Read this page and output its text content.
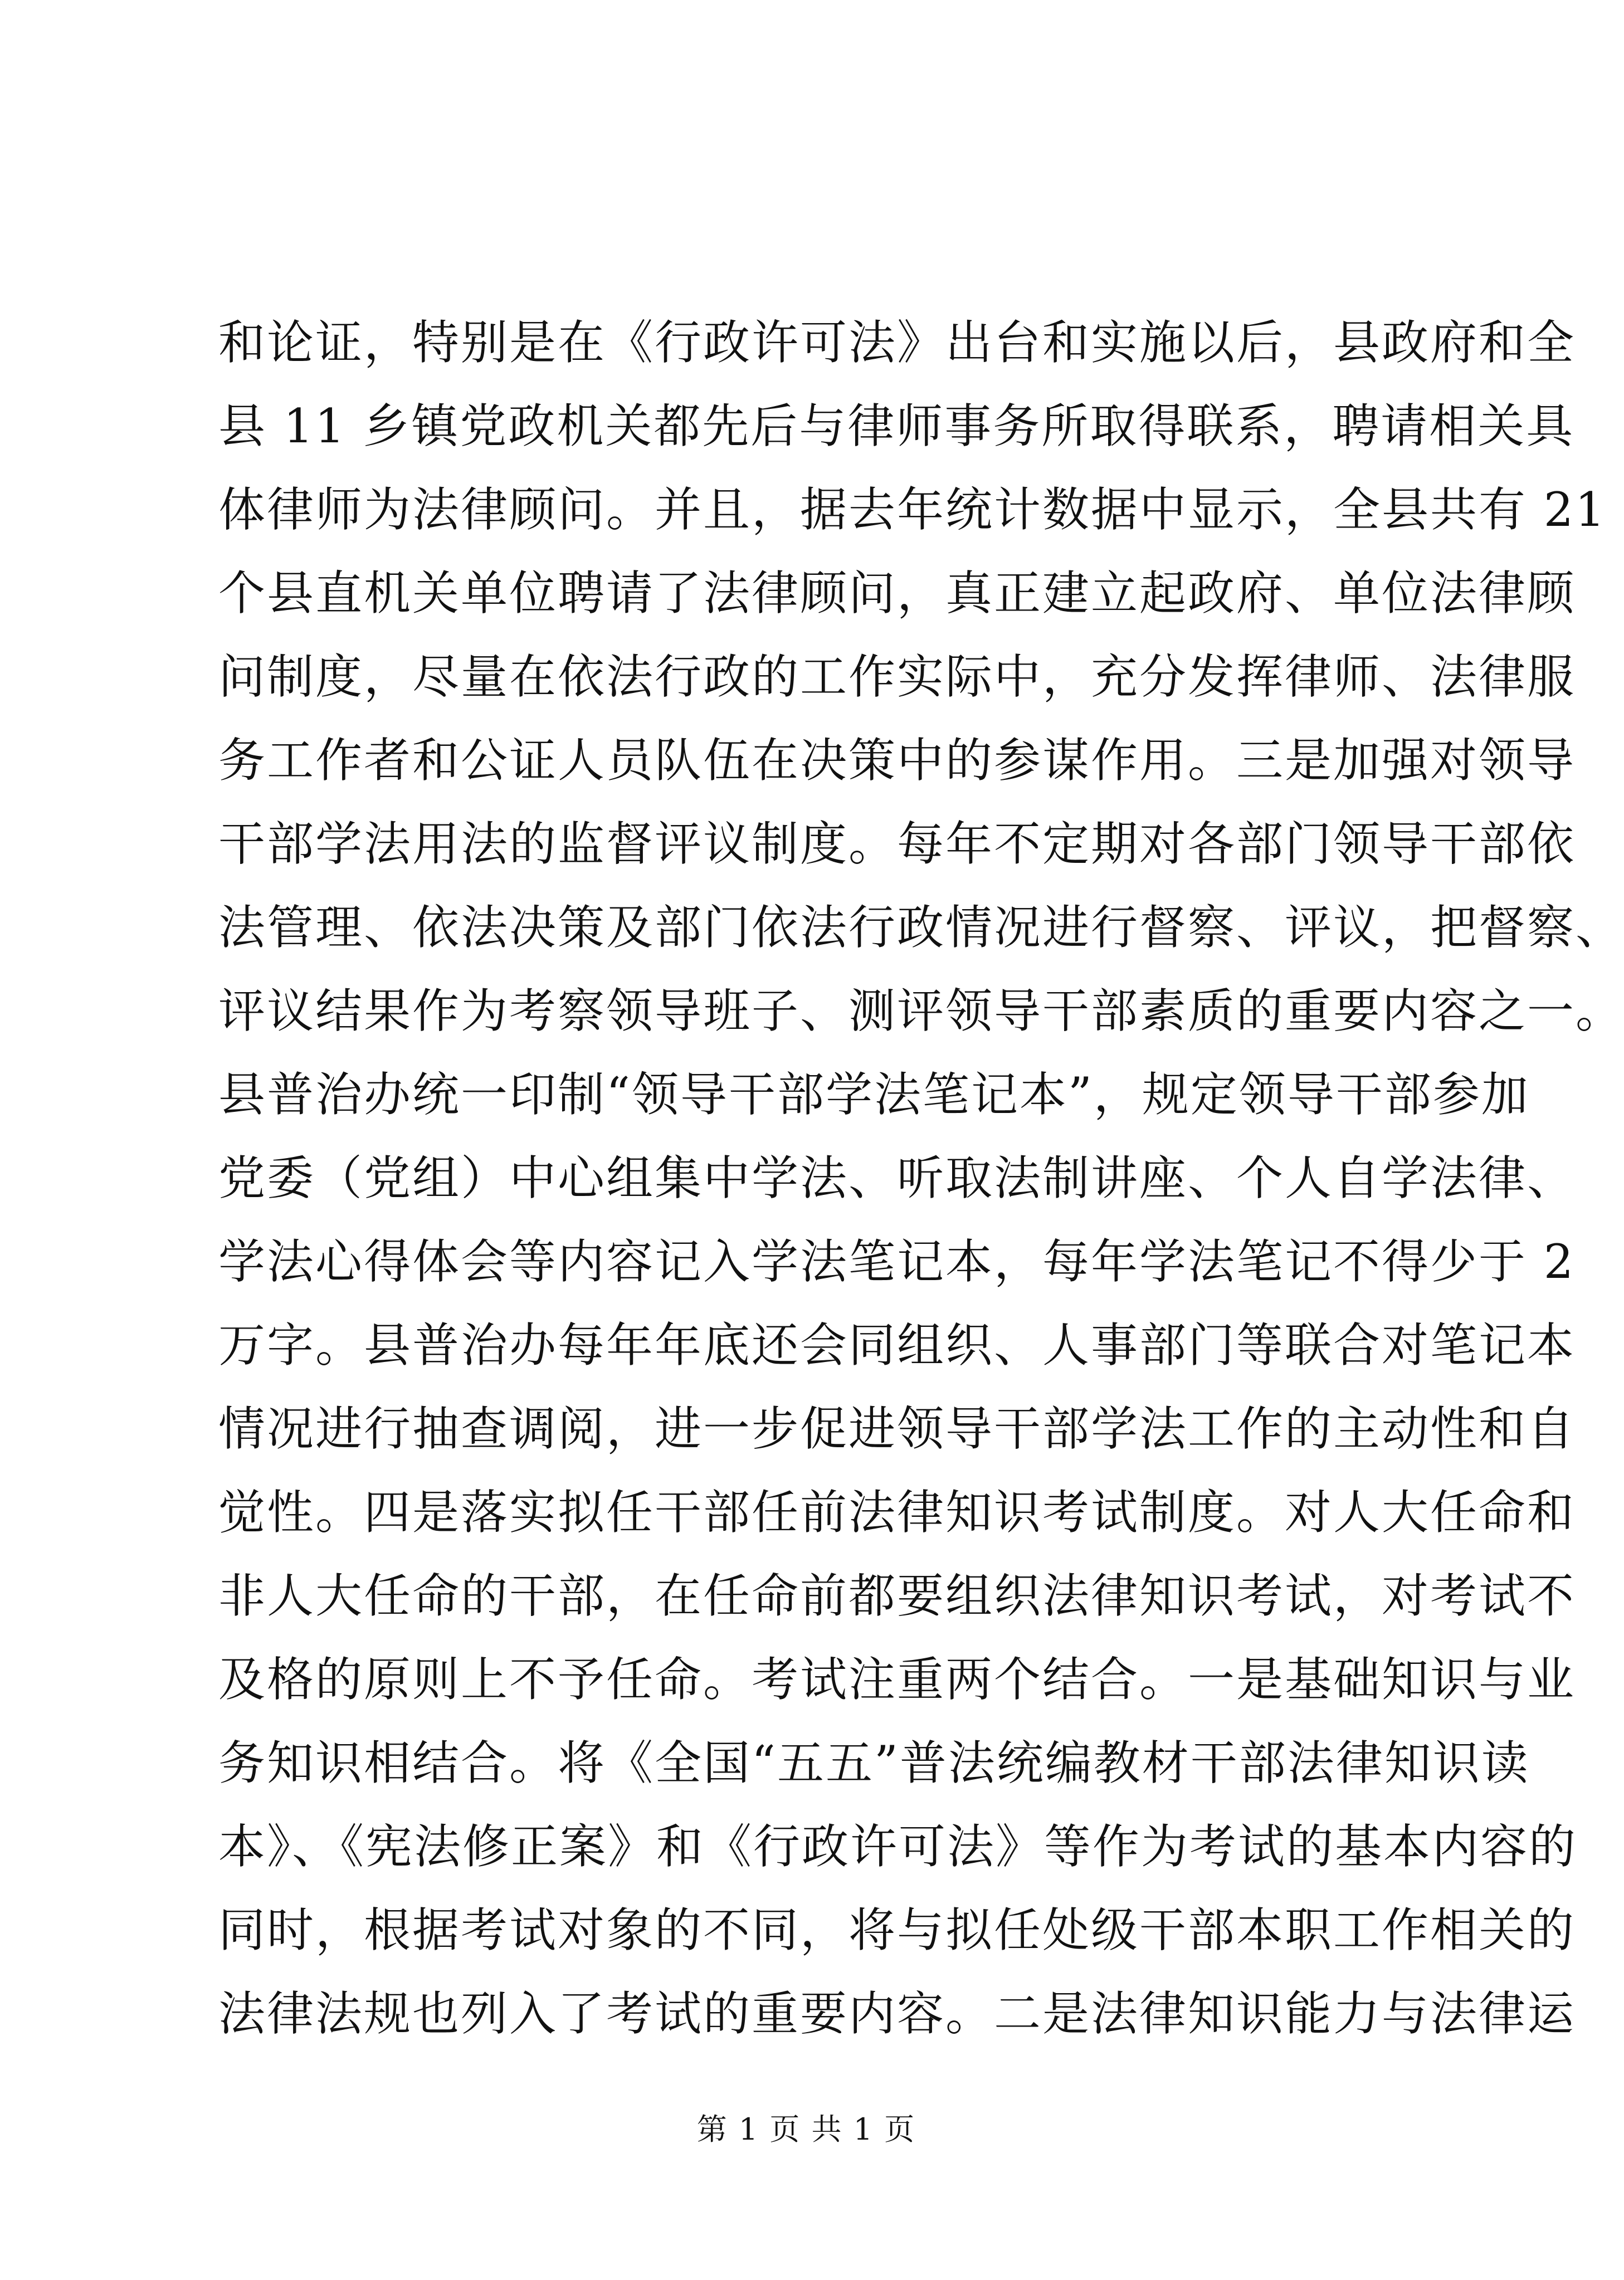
和论证，特别是在《行政许可法》出台和实施以后，县政府和全
县 11 乡镇党政机关都先后与律师事务所取得联系，聘请相关具
体律师为法律顾问。并且，据去年统计数据中显示，全县共有 21
个县直机关单位聘请了法律顾问，真正建立起政府、单位法律顾
问制度，尽量在依法行政的工作实际中，充分发挥律师、法律服
务工作者和公证人员队伍在决策中的参谋作用。三是加强对领导
干部学法用法的监督评议制度。每年不定期对各部门领导干部依
法管理、依法决策及部门依法行政情况进行督察、评议，把督察、
评议结果作为考察领导班子、测评领导干部素质的重要内容之一。
县普治办统一印制“领导干部学法笔记本”，规定领导干部参加
党委（党组）中心组集中学法、听取法制讲座、个人自学法律、
学法心得体会等内容记入学法笔记本，每年学法笔记不得少于 2
万字。县普治办每年年底还会同组织、人事部门等联合对笔记本
情况进行抽查调阅，进一步促进领导干部学法工作的主动性和自
觉性。四是落实拟任干部任前法律知识考试制度。对人大任命和
非人大任命的干部，在任命前都要组织法律知识考试，对考试不
及格的原则上不予任命。考试注重两个结合。一是基础知识与业
务知识相结合。将《全国“五五”普法统编教材干部法律知识读
本》、《宪法修正案》和《行政许可法》等作为考试的基本内容的
同时，根据考试对象的不同，将与拟任处级干部本职工作相关的
法律法规也列入了考试的重要内容。二是法律知识能力与法律运
第 1 页 共 1 页
